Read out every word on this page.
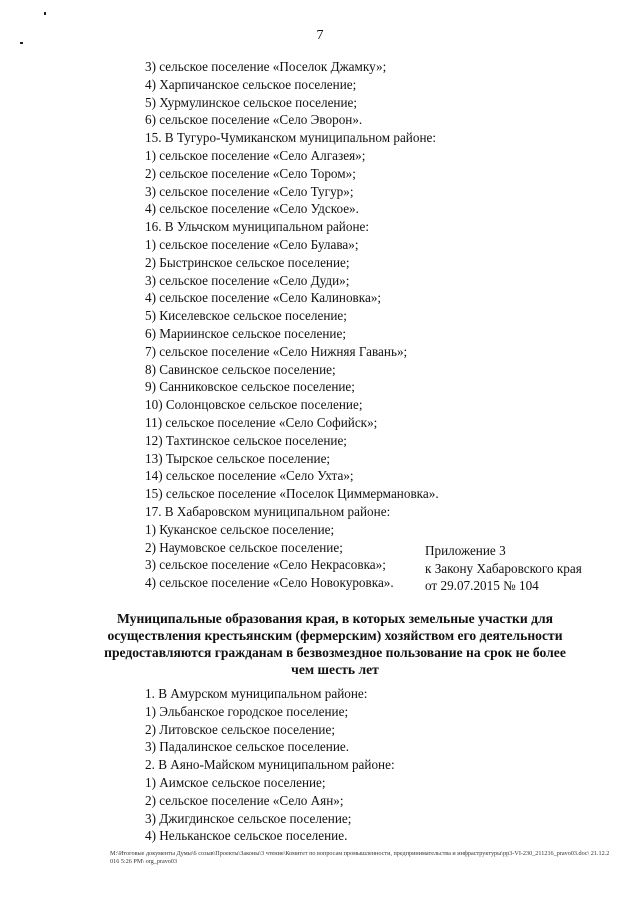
7
3) сельское поселение «Поселок Джамку»;
4) Харпичанское сельское поселение;
5) Хурмулинское сельское поселение;
6) сельское поселение «Село Эворон».
15. В Тугуро-Чумиканском муниципальном районе:
1) сельское поселение «Село Алгазея»;
2) сельское поселение «Село Тором»;
3) сельское поселение «Село Тугур»;
4) сельское поселение «Село Удское».
16. В Ульчском муниципальном районе:
1) сельское поселение «Село Булава»;
2) Быстринское сельское поселение;
3) сельское поселение «Село Дуди»;
4) сельское поселение «Село Калиновка»;
5) Киселевское сельское поселение;
6) Мариинское сельское поселение;
7) сельское поселение «Село Нижняя Гавань»;
8) Савинское сельское поселение;
9) Санниковское сельское поселение;
10) Солонцовское сельское поселение;
11) сельское поселение «Село Софийск»;
12) Тахтинское сельское поселение;
13) Тырское сельское поселение;
14) сельское поселение «Село Ухта»;
15) сельское поселение «Поселок Циммермановка».
17. В Хабаровском муниципальном районе:
1) Куканское сельское поселение;
2) Наумовское сельское поселение;
3) сельское поселение «Село Некрасовка»;
4) сельское поселение «Село Новокуровка».
Приложение 3
к Закону Хабаровского края
от 29.07.2015 № 104
Муниципальные образования края, в которых земельные участки для осуществления крестьянским (фермерским) хозяйством его деятельности предоставляются гражданам в безвозмездное пользование на срок не более чем шесть лет
1. В Амурском муниципальном районе:
1) Эльбанское городское поселение;
2) Литовское сельское поселение;
3) Падалинское сельское поселение.
2. В Аяно-Майском муниципальном районе:
1) Аимское сельское поселение;
2) сельское поселение «Село Аян»;
3) Джигдинское сельское поселение;
4) Нельканское сельское поселение.
M:\Итоговые документы Думы\6 созыв\Проекты\Законы\3 чтение\Комитет по вопросам промышленности, предпринимательства и инфраструктуры\рр3-VI-230_211216_pravo03.doc\ 21.12.2016 5:26 PM\ org_pravo03
